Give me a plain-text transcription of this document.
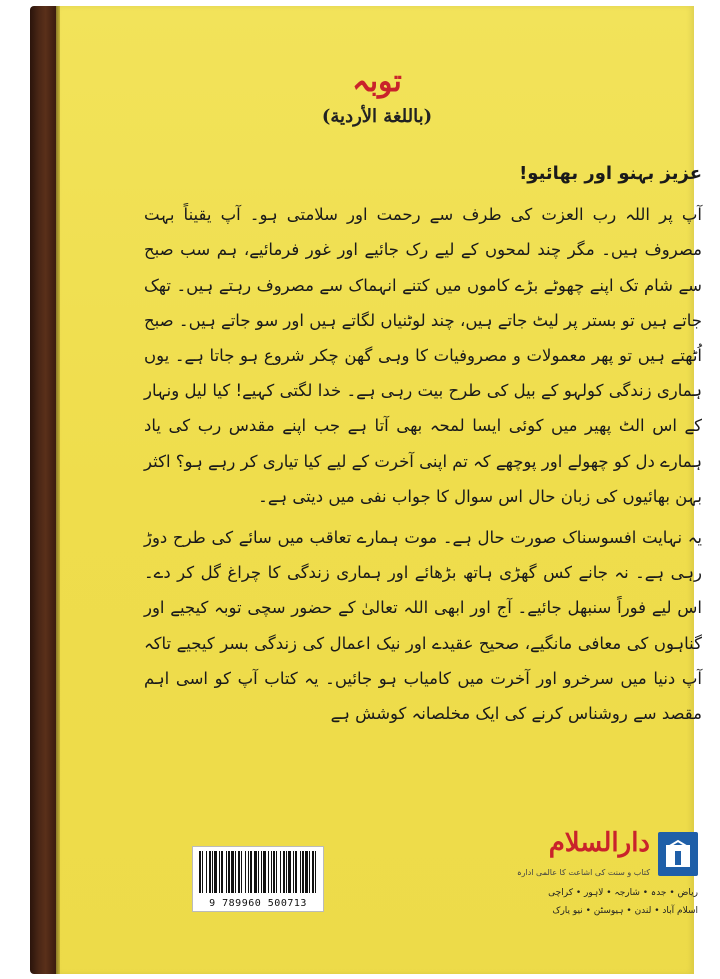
توبہ
(باللغة الأردية)

عزیز بہنو اور بھائیو!

آپ پر اللہ رب العزت کی طرف سے رحمت اور سلامتی ہو۔ آپ یقیناً بہت مصروف ہیں۔ مگر چند لمحوں کے لیے رک جائیے اور غور فرمائیے، ہم سب صبح سے شام تک اپنے چھوٹے بڑے کاموں میں کتنے انہماک سے مصروف رہتے ہیں۔ تھک جاتے ہیں تو بستر پر لیٹ جاتے ہیں، چند لوٹنیاں لگاتے ہیں اور سو جاتے ہیں۔ صبح اُٹھتے ہیں تو پھر معمولات و مصروفیات کا وہی گھن چکر شروع ہو جاتا ہے۔ یوں ہماری زندگی کولہو کے بیل کی طرح بیت رہی ہے۔ خدا لگتی کہیے! کیا لیل ونہار کے اس الٹ پھیر میں کوئی ایسا لمحہ بھی آتا ہے جب اپنے مقدس رب کی یاد ہمارے دل کو چھولے اور پوچھے کہ تم اپنی آخرت کے لیے کیا تیاری کر رہے ہو؟ اکثر بہن بھائیوں کی زبان حال اس سوال کا جواب نفی میں دیتی ہے۔

یہ نہایت افسوسناک صورت حال ہے۔ موت ہمارے تعاقب میں سائے کی طرح دوڑ رہی ہے۔ نہ جانے کس گھڑی ہاتھ بڑھائے اور ہماری زندگی کا چراغ گل کر دے۔ اس لیے فوراً سنبھل جائیے۔ آج اور ابھی اللہ تعالیٰ کے حضور سچی توبہ کیجیے اور گناہوں کی معافی مانگیے، صحیح عقیدے اور نیک اعمال کی زندگی بسر کیجیے تاکہ آپ دنیا میں سرخرو اور آخرت میں کامیاب ہو جائیں۔ یہ کتاب آپ کو اسی اہم مقصد سے روشناس کرنے کی ایک مخلصانہ کوشش ہے

9 789960 500713
دارالسلام
کتاب و سنت کی اشاعت کا عالمی ادارہ
ریاض • جدہ • شارجہ • لاہور • کراچی
اسلام آباد • لندن • ہیوسٹن • نیو یارک
